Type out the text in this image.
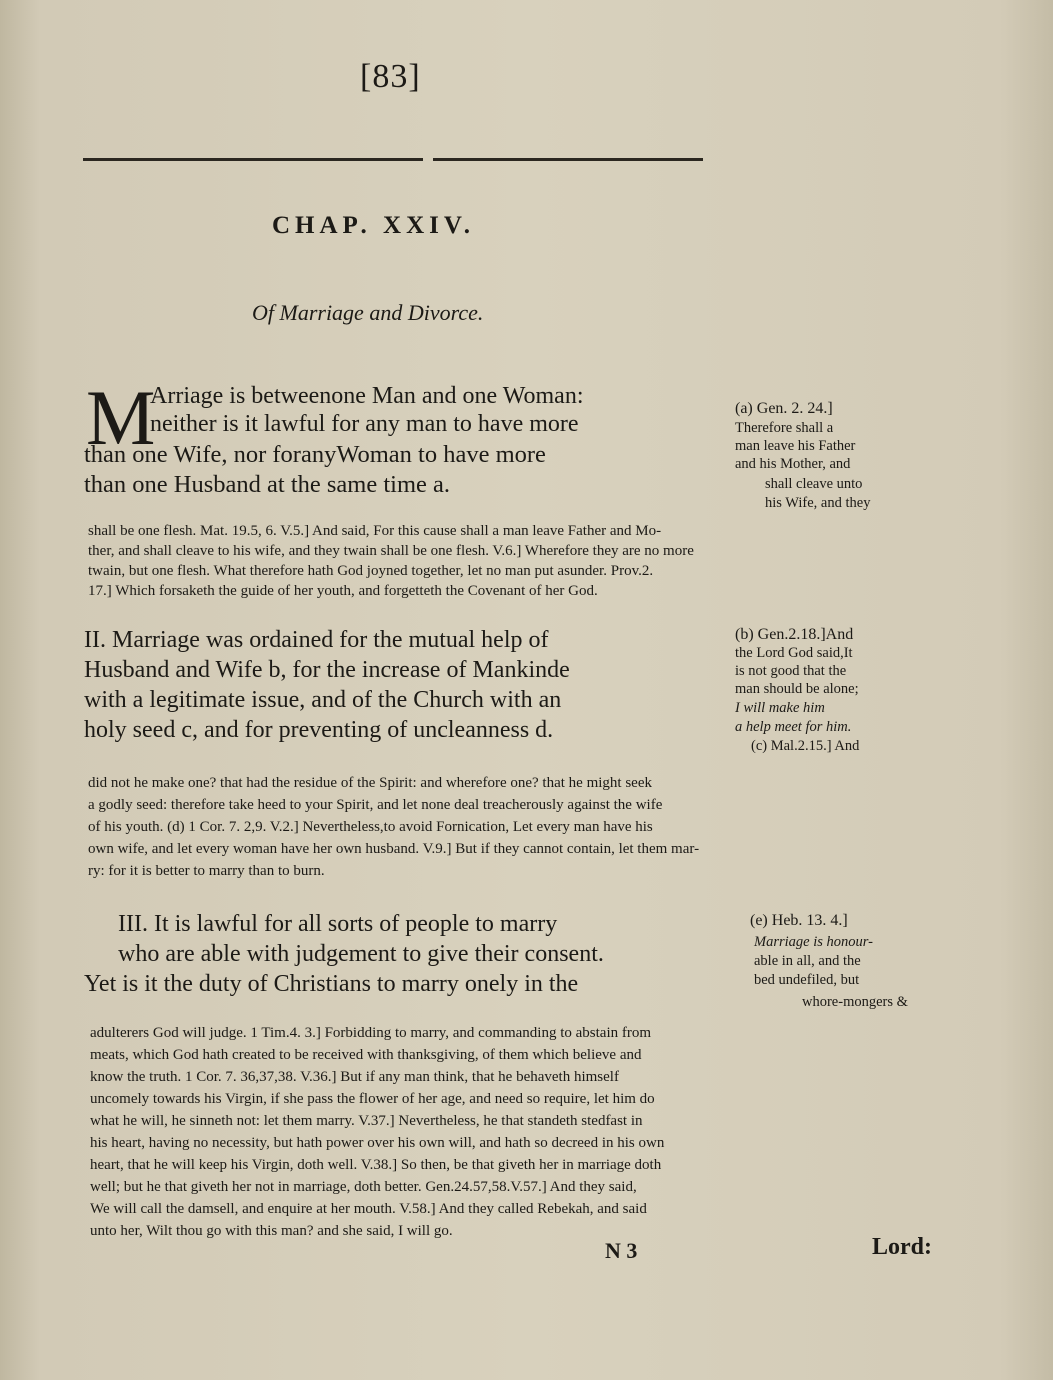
[83]
CHAP. XXIV.
Of Marriage and Divorce.
M
Arriage is betweenone Man and one Woman:
neither is it lawful for any man to have more
than one Wife, nor foranyWoman to have more
than one Husband at the same time a.
(a) Gen. 2. 24.]
Therefore shall a
man leave his Father
and his Mother, and
shall cleave unto
his Wife, and they
shall be one flesh. Mat. 19.5, 6. V.5.] And said, For this cause shall a man leave Father and Mo-
ther, and shall cleave to his wife, and they twain shall be one flesh. V.6.] Wherefore they are no more
twain, but one flesh. What therefore hath God joyned together, let no man put asunder. Prov.2.
17.] Which forsaketh the guide of her youth, and forgetteth the Covenant of her God.
II. Marriage was ordained for the mutual help of
Husband and Wife b, for the increase of Mankinde
with a legitimate issue, and of the Church with an
holy seed c, and for preventing of uncleanness d.
(b) Gen.2.18.]And
the Lord God said,It
is not good that the
man should be alone;
I will make him
a help meet for him.
(c) Mal.2.15.] And
did not he make one? that had the residue of the Spirit: and wherefore one? that he might seek
a godly seed: therefore take heed to your Spirit, and let none deal treacherously against the wife
of his youth. (d) 1 Cor. 7. 2,9. V.2.] Nevertheless,to avoid Fornication, Let every man have his
own wife, and let every woman have her own husband. V.9.] But if they cannot contain, let them mar-
ry: for it is better to marry than to burn.
III. It is lawful for all sorts of people to marry
who are able with judgement to give their consent.
Yet is it the duty of Christians to marry onely in the
(e) Heb. 13. 4.]
Marriage is honour-
able in all, and the
bed undefiled, but
whore-mongers &
adulterers God will judge. 1 Tim.4. 3.] Forbidding to marry, and commanding to abstain from
meats, which God hath created to be received with thanksgiving, of them which believe and
know the truth. 1 Cor. 7. 36,37,38. V.36.] But if any man think, that he behaveth himself
uncomely towards his Virgin, if she pass the flower of her age, and need so require, let him do
what he will, he sinneth not: let them marry. V.37.] Nevertheless, he that standeth stedfast in
his heart, having no necessity, but hath power over his own will, and hath so decreed in his own
heart, that he will keep his Virgin, doth well. V.38.] So then, be that giveth her in marriage doth
well; but he that giveth her not in marriage, doth better. Gen.24.57,58.V.57.] And they said,
We will call the damsell, and enquire at her mouth. V.58.] And they called Rebekah, and said
unto her, Wilt thou go with this man? and she said, I will go.
N 3	Lord:
